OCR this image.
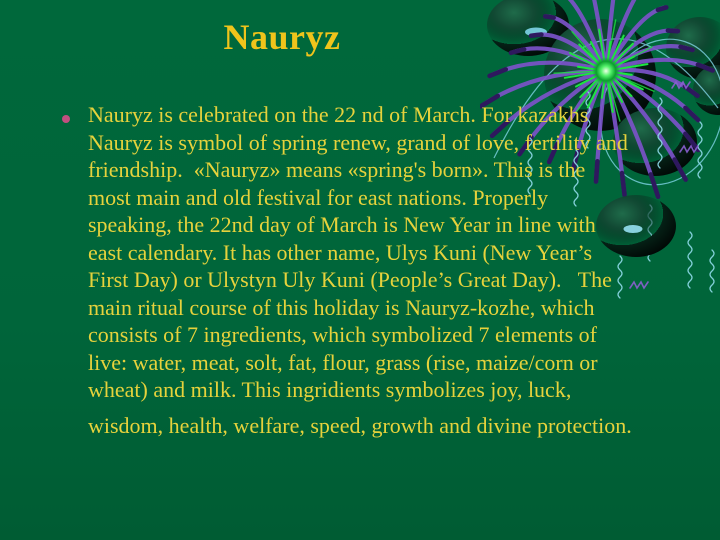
Nauryz
Nauryz is celebrated on the 22 nd of March. For kazakhs
Nauryz is symbol of spring renew, grand of love, fertility and
friendship.  «Nauryz» means «spring's born». This is the
most main and old festival for east nations. Properly
speaking, the 22nd day of March is New Year in line with
east calendary. It has other name, Ulys Kuni (New Year’s
First Day) or Ulystyn Uly Kuni (People’s Great Day).   The
main ritual course of this holiday is Nauryz-kozhe, which
consists of 7 ingredients, which symbolized 7 elements of
live: water, meat, solt, fat, flour, grass (rise, maize/corn or
wheat) and milk. This ingridients symbolizes joy, luck,
wisdom, health, welfare, speed, growth and divine protection.
